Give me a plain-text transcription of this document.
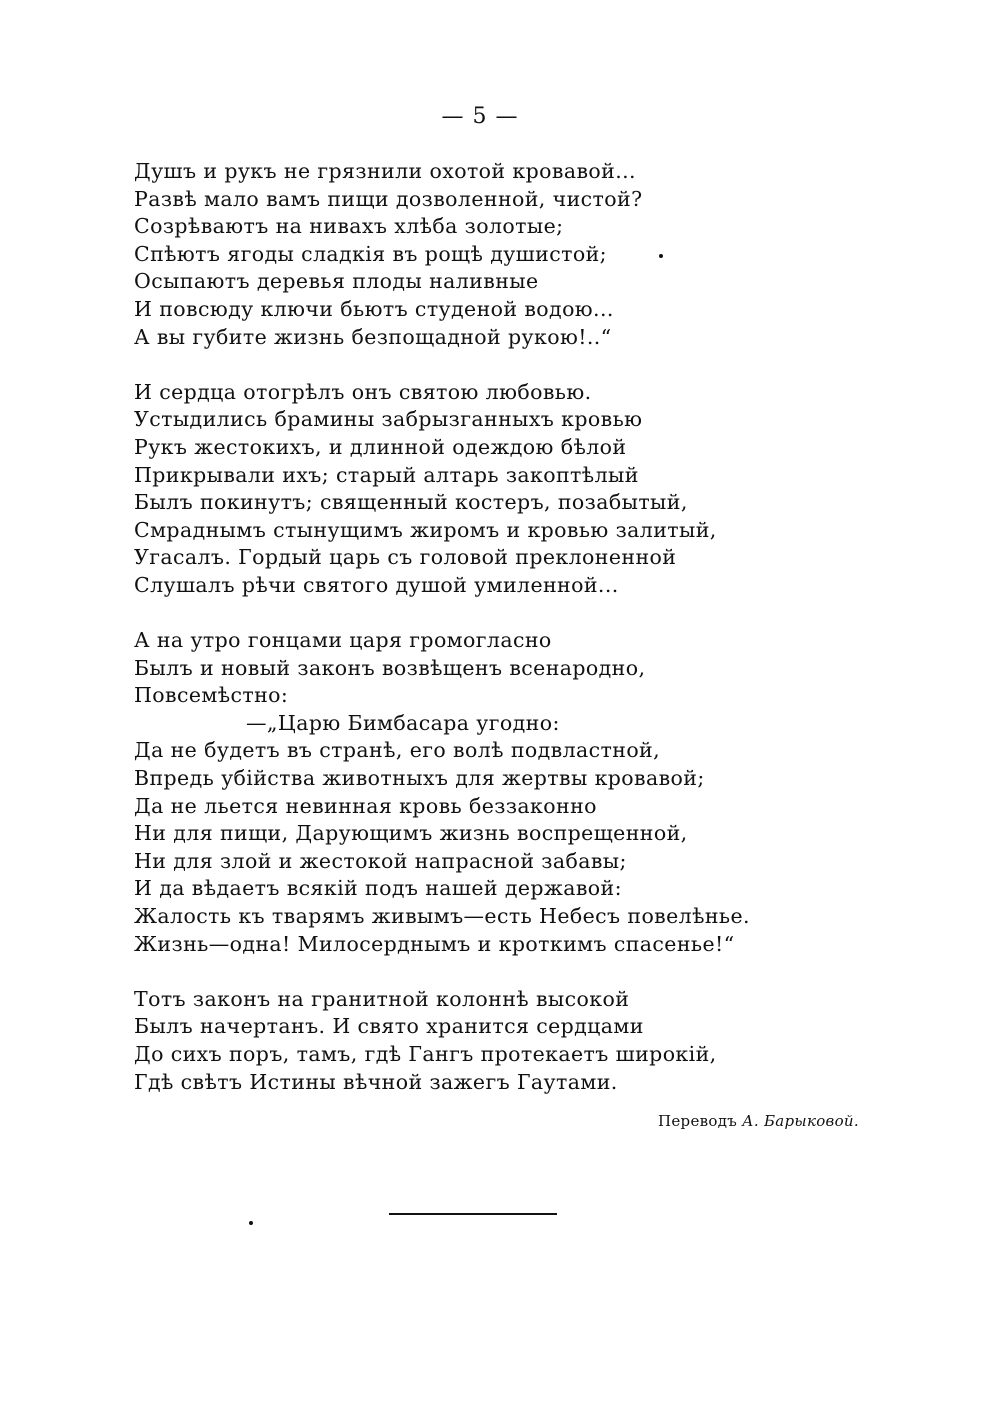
— 5 —
Душъ и рукъ не грязнили охотой кровавой...
Развѣ мало вамъ пищи дозволенной, чистой?
Созрѣваютъ на нивахъ хлѣба золотые;
Спѣютъ ягоды сладкія въ рощѣ душистой;
Осыпаютъ деревья плоды наливные
И повсюду ключи бьютъ студеной водою...
А вы губите жизнь безпощадной рукою!..“
И сердца отогрѣлъ онъ святою любовью.
Устыдились брамины забрызганныхъ кровью
Рукъ жестокихъ, и длинной одеждою бѣлой
Прикрывали ихъ; старый алтарь закоптѣлый
Былъ покинутъ; священный костеръ, позабытый,
Смраднымъ стынущимъ жиромъ и кровью залитый,
Угасалъ. Гордый царь съ головой преклоненной
Слушалъ рѣчи святого душой умиленной...
А на утро гонцами царя громогласно
Былъ и новый законъ возвѣщенъ всенародно,
Повсемѣстно:
—„Царю Бимбасара угодно:
Да не будетъ въ странѣ, его волѣ подвластной,
Впредь убійства животныхъ для жертвы кровавой;
Да не льется невинная кровь беззаконно
Ни для пищи, Дарующимъ жизнь воспрещенной,
Ни для злой и жестокой напрасной забавы;
И да вѣдаетъ всякій подъ нашей державой:
Жалость къ тварямъ живымъ—есть Небесъ повелѣнье.
Жизнь—одна! Милосерднымъ и кроткимъ спасенье!“
Тотъ законъ на гранитной колоннѣ высокой
Былъ начертанъ. И свято хранится сердцами
До сихъ поръ, тамъ, гдѣ Гангъ протекаетъ широкій,
Гдѣ свѣтъ Истины вѣчной зажегъ Гаутами.
Переводъ А. Барыковой.
